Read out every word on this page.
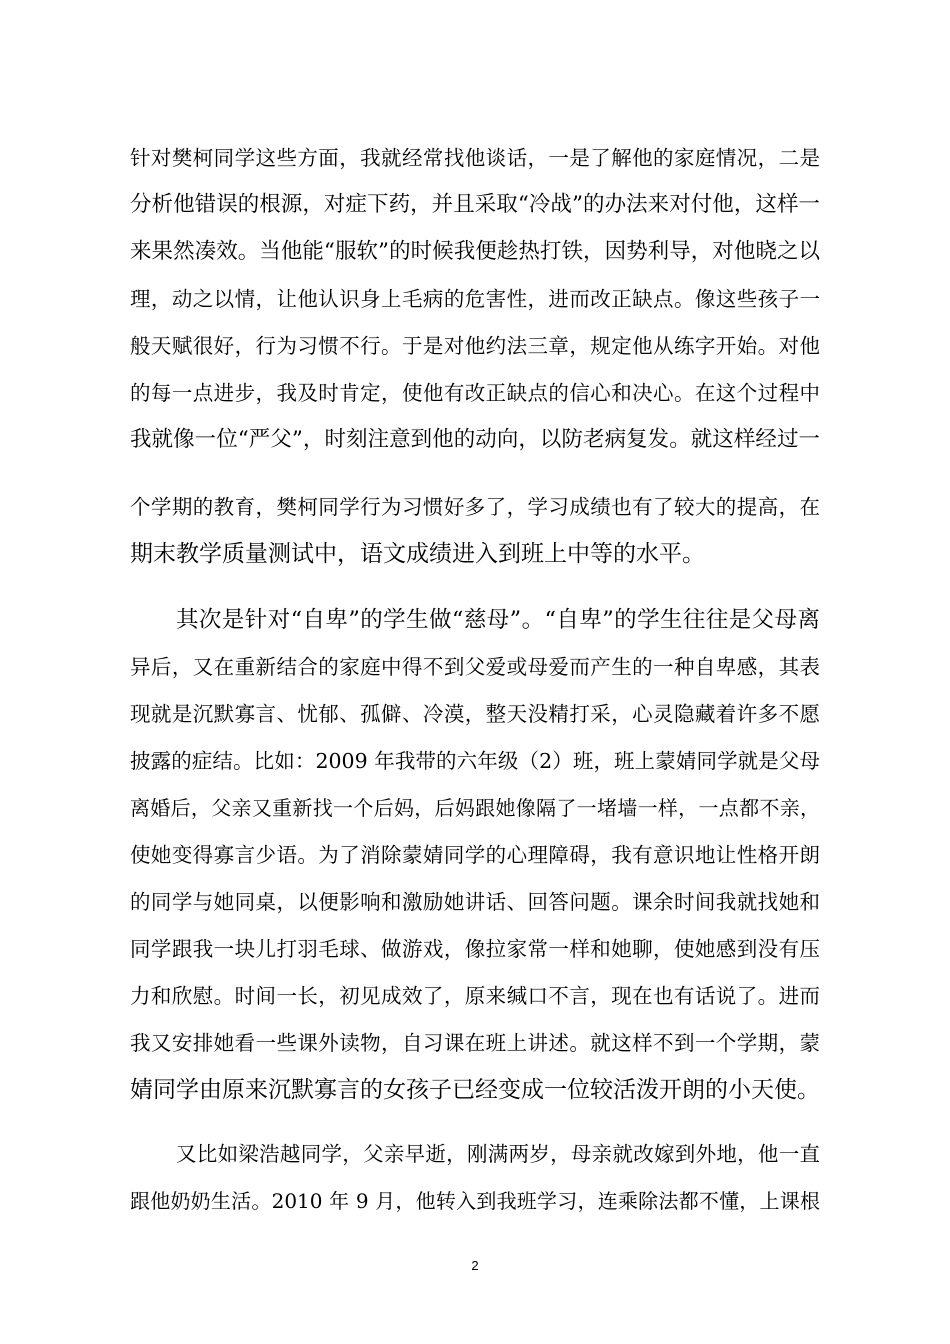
针对樊柯同学这些方面，我就经常找他谈话，一是了解他的家庭情况，二是
分析他错误的根源，对症下药，并且采取“冷战”的办法来对付他，这样一
来果然凑效。当他能“服软”的时候我便趁热打铁，因势利导，对他晓之以
理，动之以情，让他认识身上毛病的危害性，进而改正缺点。像这些孩子一
般天赋很好，行为习惯不行。于是对他约法三章，规定他从练字开始。对他
的每一点进步，我及时肯定，使他有改正缺点的信心和决心。在这个过程中
我就像一位“严父”，时刻注意到他的动向，以防老病复发。就这样经过一
个学期的教育，樊柯同学行为习惯好多了，学习成绩也有了较大的提高，在
期末教学质量测试中，语文成绩进入到班上中等的水平。
其次是针对“自卑”的学生做“慈母”。“自卑”的学生往往是父母离
异后，又在重新结合的家庭中得不到父爱或母爱而产生的一种自卑感，其表
现就是沉默寡言、忧郁、孤僻、冷漠，整天没精打采，心灵隐藏着许多不愿
披露的症结。比如：2009 年我带的六年级（2）班，班上蒙婧同学就是父母
离婚后，父亲又重新找一个后妈，后妈跟她像隔了一堵墙一样，一点都不亲，
使她变得寡言少语。为了消除蒙婧同学的心理障碍，我有意识地让性格开朗
的同学与她同桌，以便影响和激励她讲话、回答问题。课余时间我就找她和
同学跟我一块儿打羽毛球、做游戏，像拉家常一样和她聊，使她感到没有压
力和欣慰。时间一长，初见成效了，原来缄口不言，现在也有话说了。进而
我又安排她看一些课外读物，自习课在班上讲述。就这样不到一个学期，蒙
婧同学由原来沉默寡言的女孩子已经变成一位较活泼开朗的小天使。
又比如梁浩越同学，父亲早逝，刚满两岁，母亲就改嫁到外地，他一直
跟他奶奶生活。2010 年 9 月，他转入到我班学习，连乘除法都不懂，上课根
2
